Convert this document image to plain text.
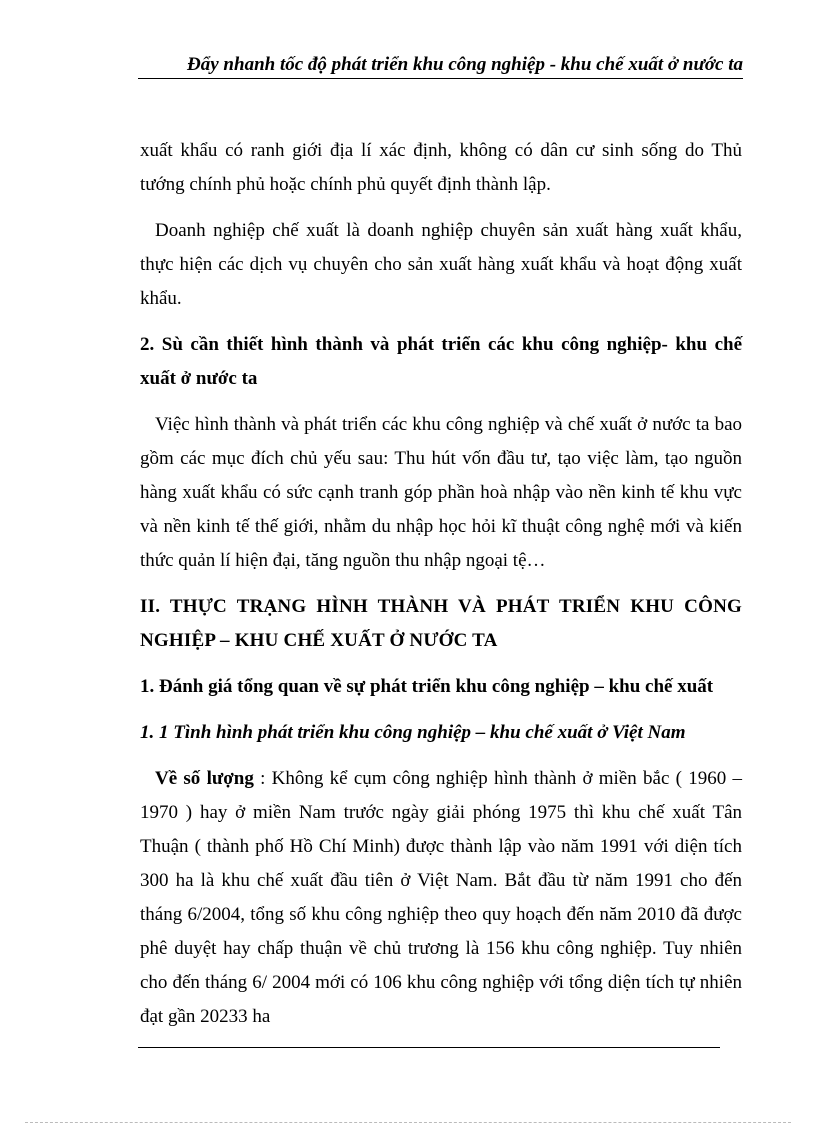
Đẩy nhanh tốc độ phát triển khu công nghiệp - khu chế xuất ở nước ta

xuất khẩu có ranh giới địa lí xác định, không có dân cư sinh sống do Thủ tướng chính phủ hoặc chính phủ quyết định thành lập.

Doanh nghiệp chế xuất là doanh nghiệp chuyên sản xuất hàng xuất khẩu, thực hiện các dịch vụ chuyên cho sản xuất hàng xuất khẩu và hoạt động xuất khẩu.

2. Sù cần thiết hình thành và phát triển các khu công nghiệp- khu chế xuất ở nước ta

Việc hình thành và phát triển các khu công nghiệp và chế xuất ở nước ta bao gồm các mục đích chủ yếu sau: Thu hút vốn đầu tư, tạo việc làm, tạo nguồn hàng xuất khẩu có sức cạnh tranh góp phần hoà nhập vào nền kinh tế khu vực và nền kinh tế thế giới, nhằm du nhập học hỏi kĩ thuật công nghệ mới và kiến thức quản lí hiện đại, tăng nguồn thu nhập ngoại tệ…

II. THỰC TRẠNG HÌNH THÀNH VÀ PHÁT TRIỂN KHU CÔNG NGHIỆP – KHU CHẾ XUẤT Ở NƯỚC TA

1. Đánh giá tổng quan về sự phát triển khu công nghiệp – khu chế xuất

1. 1 Tình hình phát triển khu công nghiệp – khu chế xuất ở Việt Nam

Về số lượng : Không kể cụm công nghiệp hình thành ở miền bắc ( 1960 – 1970 ) hay ở miền Nam trước ngày giải phóng 1975 thì khu chế xuất Tân Thuận ( thành phố Hồ Chí Minh) được thành lập vào năm 1991 với diện tích 300 ha là khu chế xuất đầu tiên ở Việt Nam. Bắt đầu từ năm 1991 cho đến tháng 6/2004, tổng số khu công nghiệp theo quy hoạch đến năm 2010 đã được phê duyệt hay chấp thuận về chủ trương là 156 khu công nghiệp. Tuy nhiên cho đến tháng 6/ 2004 mới có 106 khu công nghiệp với tổng diện tích tự nhiên đạt gần 20233 ha
